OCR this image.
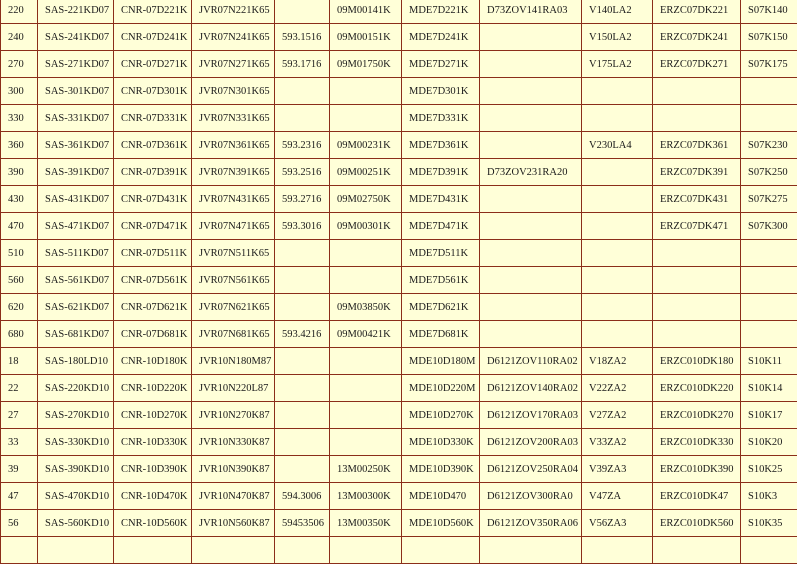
220	SAS-221KD07	CNR-07D221K	JVR07N221K65		09M00141K	MDE7D221K	D73ZOV141RA03	V140LA2	ERZC07DK221	S07K140
240	SAS-241KD07	CNR-07D241K	JVR07N241K65	593.1516	09M00151K	MDE7D241K		V150LA2	ERZC07DK241	S07K150
270	SAS-271KD07	CNR-07D271K	JVR07N271K65	593.1716	09M01750K	MDE7D271K		V175LA2	ERZC07DK271	S07K175
300	SAS-301KD07	CNR-07D301K	JVR07N301K65			MDE7D301K				
330	SAS-331KD07	CNR-07D331K	JVR07N331K65			MDE7D331K				
360	SAS-361KD07	CNR-07D361K	JVR07N361K65	593.2316	09M00231K	MDE7D361K		V230LA4	ERZC07DK361	S07K230
390	SAS-391KD07	CNR-07D391K	JVR07N391K65	593.2516	09M00251K	MDE7D391K	D73ZOV231RA20		ERZC07DK391	S07K250
430	SAS-431KD07	CNR-07D431K	JVR07N431K65	593.2716	09M02750K	MDE7D431K			ERZC07DK431	S07K275
470	SAS-471KD07	CNR-07D471K	JVR07N471K65	593.3016	09M00301K	MDE7D471K			ERZC07DK471	S07K300
510	SAS-511KD07	CNR-07D511K	JVR07N511K65			MDE7D511K				
560	SAS-561KD07	CNR-07D561K	JVR07N561K65			MDE7D561K				
620	SAS-621KD07	CNR-07D621K	JVR07N621K65		09M03850K	MDE7D621K				
680	SAS-681KD07	CNR-07D681K	JVR07N681K65	593.4216	09M00421K	MDE7D681K				
18	SAS-180LD10	CNR-10D180K	JVR10N180M87			MDE10D180M	D6121ZOV110RA02	V18ZA2	ERZC010DK180	S10K11
22	SAS-220KD10	CNR-10D220K	JVR10N220L87			MDE10D220M	D6121ZOV140RA02	V22ZA2	ERZC010DK220	S10K14
27	SAS-270KD10	CNR-10D270K	JVR10N270K87			MDE10D270K	D6121ZOV170RA03	V27ZA2	ERZC010DK270	S10K17
33	SAS-330KD10	CNR-10D330K	JVR10N330K87			MDE10D330K	D6121ZOV200RA03	V33ZA2	ERZC010DK330	S10K20
39	SAS-390KD10	CNR-10D390K	JVR10N390K87		13M00250K	MDE10D390K	D6121ZOV250RA04	V39ZA3	ERZC010DK390	S10K25
47	SAS-470KD10	CNR-10D470K	JVR10N470K87	594.3006	13M00300K	MDE10D470	D6121ZOV300RA0	V47ZA	ERZC010DK47	S10K3
56	SAS-560KD10	CNR-10D560K	JVR10N560K87	59453506	13M00350K	MDE10D560K	D6121ZOV350RA06	V56ZA3	ERZC010DK560	S10K35
